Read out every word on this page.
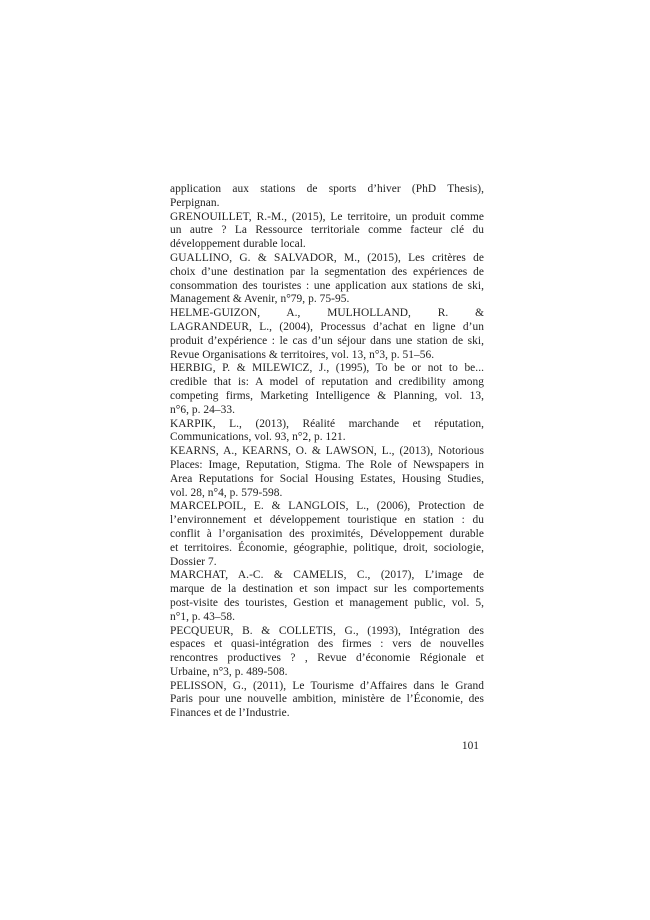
application aux stations de sports d’hiver (PhD Thesis),
Perpignan.

GRENOUILLET, R.-M., (2015), Le territoire, un produit comme
un autre ? La Ressource territoriale comme facteur clé du
développement durable local.

GUALLINO, G. & SALVADOR, M., (2015), Les critères de
choix d’une destination par la segmentation des expériences de
consommation des touristes : une application aux stations de ski,
Management & Avenir, n°79, p. 75-95.

HELME-GUIZON, A., MULHOLLAND, R. &
LAGRANDEUR, L., (2004), Processus d’achat en ligne d’un
produit d’expérience : le cas d’un séjour dans une station de ski,
Revue Organisations & territoires, vol. 13, n°3, p. 51–56.

HERBIG, P. & MILEWICZ, J., (1995), To be or not to be...
credible that is: A model of reputation and credibility among
competing firms, Marketing Intelligence & Planning, vol. 13,
n°6, p. 24–33.

KARPIK, L., (2013), Réalité marchande et réputation,
Communications, vol. 93, n°2, p. 121.

KEARNS, A., KEARNS, O. & LAWSON, L., (2013), Notorious
Places: Image, Reputation, Stigma. The Role of Newspapers in
Area Reputations for Social Housing Estates, Housing Studies,
vol. 28, n°4, p. 579-598.

MARCELPOIL, E. & LANGLOIS, L., (2006), Protection de
l’environnement et développement touristique en station : du
conflit à l’organisation des proximités, Développement durable
et territoires. Économie, géographie, politique, droit, sociologie,
Dossier 7.

MARCHAT, A.-C. & CAMELIS, C., (2017), L’image de
marque de la destination et son impact sur les comportements
post-visite des touristes, Gestion et management public, vol. 5,
n°1, p. 43–58.

PECQUEUR, B. & COLLETIS, G., (1993), Intégration des
espaces et quasi-intégration des firmes : vers de nouvelles
rencontres productives ? , Revue d’économie Régionale et
Urbaine, n°3, p. 489-508.

PELISSON, G., (2011), Le Tourisme d’Affaires dans le Grand
Paris pour une nouvelle ambition, ministère de l’Économie, des
Finances et de l’Industrie.

101
